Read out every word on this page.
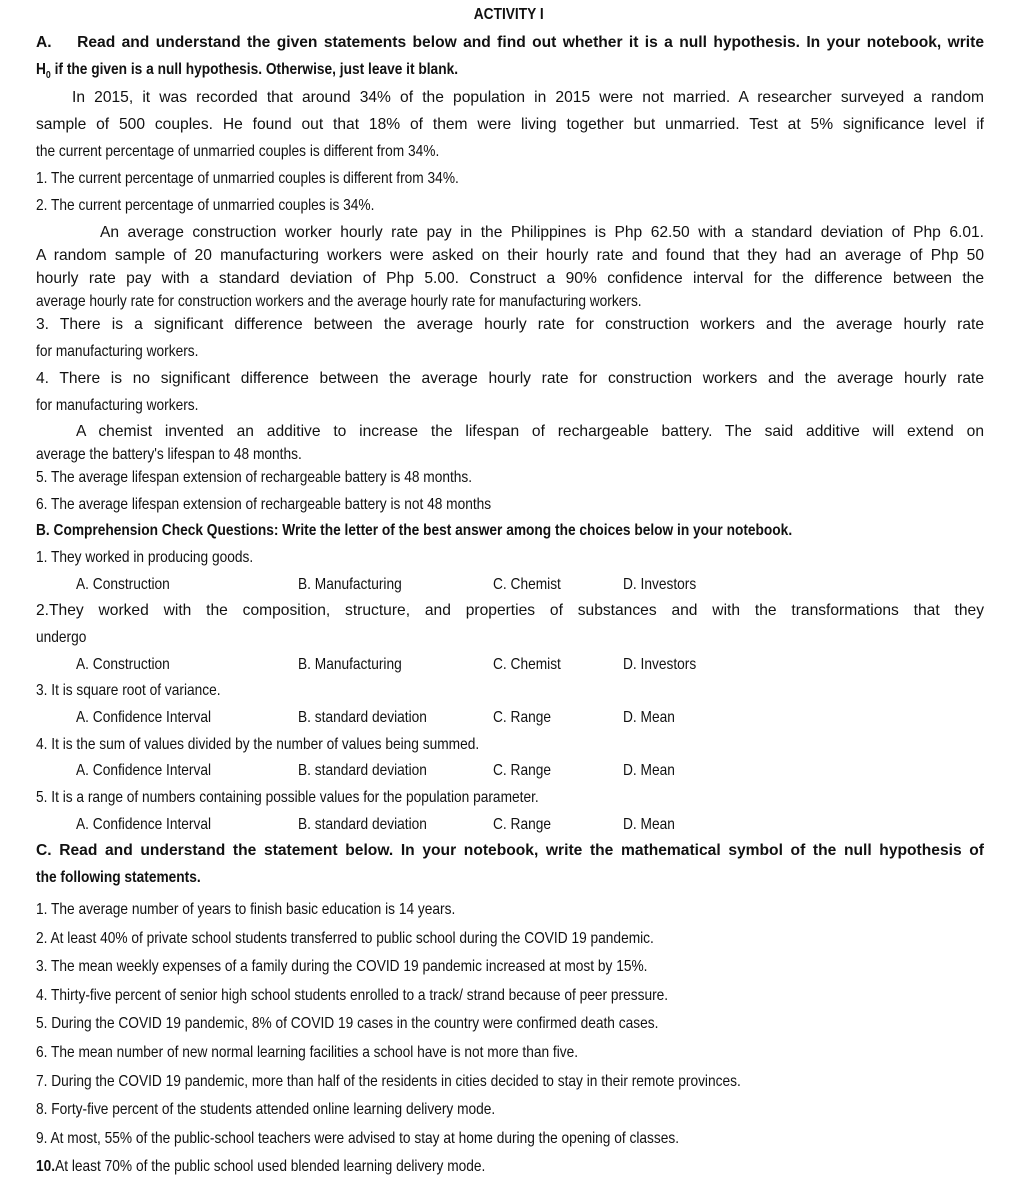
ACTIVITY I
A. Read and understand the given statements below and find out whether it is a null hypothesis. In your notebook, write
$H_0$ if the given is a null hypothesis. Otherwise, just leave it blank.
In 2015, it was recorded that around 34% of the population in 2015 were not married. A researcher surveyed a random
sample of 500 couples. He found out that 18% of them were living together but unmarried. Test at 5% significance level if
the current percentage of unmarried couples is different from 34%.
1. The current percentage of unmarried couples is different from 34%.
2. The current percentage of unmarried couples is 34%.
An average construction worker hourly rate pay in the Philippines is Php 62.50 with a standard deviation of Php 6.01.
A random sample of 20 manufacturing workers were asked on their hourly rate and found that they had an average of Php 50
hourly rate pay with a standard deviation of Php 5.00. Construct a 90% confidence interval for the difference between the
average hourly rate for construction workers and the average hourly rate for manufacturing workers.
3. There is a significant difference between the average hourly rate for construction workers and the average hourly rate
for manufacturing workers.
4. There is no significant difference between the average hourly rate for construction workers and the average hourly rate
for manufacturing workers.
A chemist invented an additive to increase the lifespan of rechargeable battery. The said additive will extend on
average the battery's lifespan to 48 months.
5. The average lifespan extension of rechargeable battery is 48 months.
6. The average lifespan extension of rechargeable battery is not 48 months
B. Comprehension Check Questions: Write the letter of the best answer among the choices below in your notebook.
1. They worked in producing goods.
A. Construction	B. Manufacturing	C. Chemist	D. Investors
2.They worked with the composition, structure, and properties of substances and with the transformations that they
undergo
A. Construction	B. Manufacturing	C. Chemist	D. Investors
3. It is square root of variance.
A. Confidence Interval	B. standard deviation	C. Range	D. Mean
4. It is the sum of values divided by the number of values being summed.
A. Confidence Interval	B. standard deviation	C. Range	D. Mean
5. It is a range of numbers containing possible values for the population parameter.
A. Confidence Interval	B. standard deviation	C. Range	D. Mean
C. Read and understand the statement below. In your notebook, write the mathematical symbol of the null hypothesis of
the following statements.
1. The average number of years to finish basic education is 14 years.
2. At least 40% of private school students transferred to public school during the COVID 19 pandemic.
3. The mean weekly expenses of a family during the COVID 19 pandemic increased at most by 15%.
4. Thirty-five percent of senior high school students enrolled to a track/ strand because of peer pressure.
5. During the COVID 19 pandemic, 8% of COVID 19 cases in the country were confirmed death cases.
6. The mean number of new normal learning facilities a school have is not more than five.
7. During the COVID 19 pandemic, more than half of the residents in cities decided to stay in their remote provinces.
8. Forty-five percent of the students attended online learning delivery mode.
9. At most, 55% of the public-school teachers were advised to stay at home during the opening of classes.
10.At least 70% of the public school used blended learning delivery mode.
